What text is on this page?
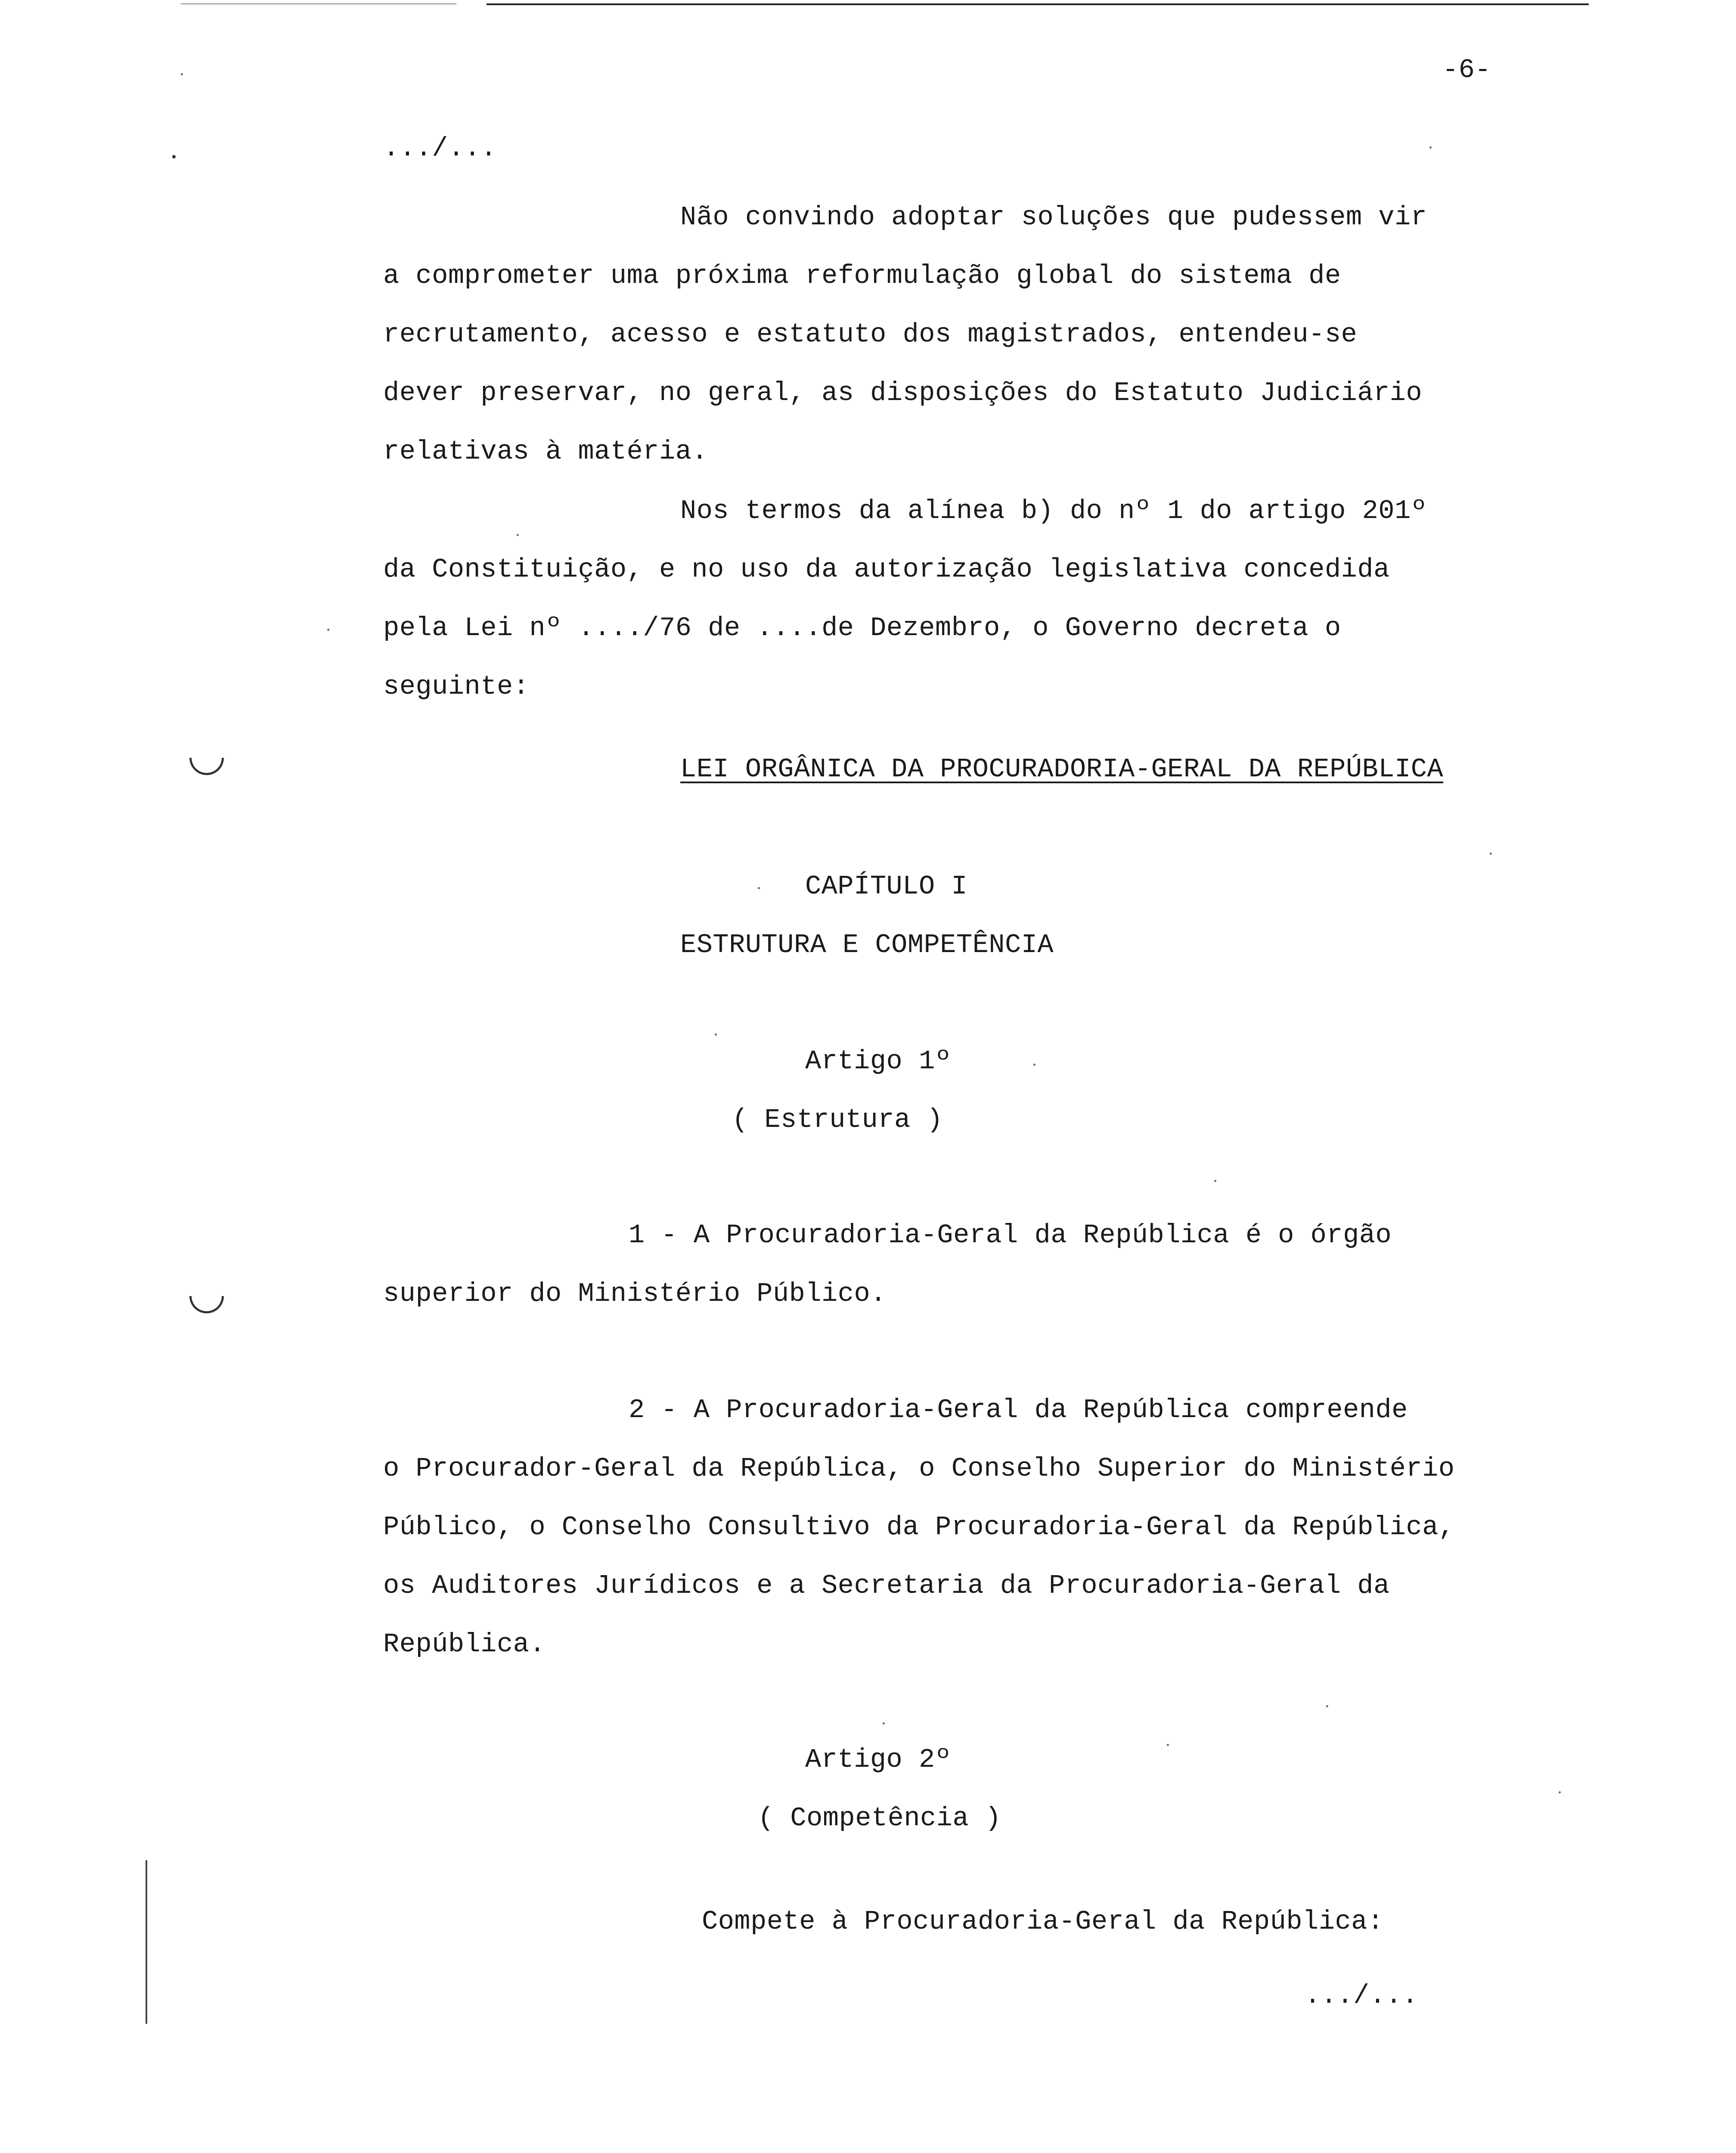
-6-
.../...
Não convindo adoptar soluções que pudessem vir
a comprometer uma próxima reformulação global do sistema de
recrutamento, acesso e estatuto dos magistrados, entendeu-se
dever preservar, no geral, as disposições do Estatuto Judiciário
relativas à matéria.
Nos termos da alínea b) do nº 1 do artigo 201º
da Constituição, e no uso da autorização legislativa concedida
pela Lei nº ..../76 de ....de Dezembro, o Governo decreta o
seguinte:
LEI ORGÂNICA DA PROCURADORIA-GERAL DA REPÚBLICA
CAPÍTULO I
ESTRUTURA E COMPETÊNCIA
Artigo 1º
( Estrutura )
1 - A Procuradoria-Geral da República é o órgão
superior do Ministério Público.
2 - A Procuradoria-Geral da República compreende
o Procurador-Geral da República, o Conselho Superior do Ministério
Público, o Conselho Consultivo da Procuradoria-Geral da República,
os Auditores Jurídicos e a Secretaria da Procuradoria-Geral da
República.
Artigo 2º
( Competência )
Compete à Procuradoria-Geral da República:
.../...
